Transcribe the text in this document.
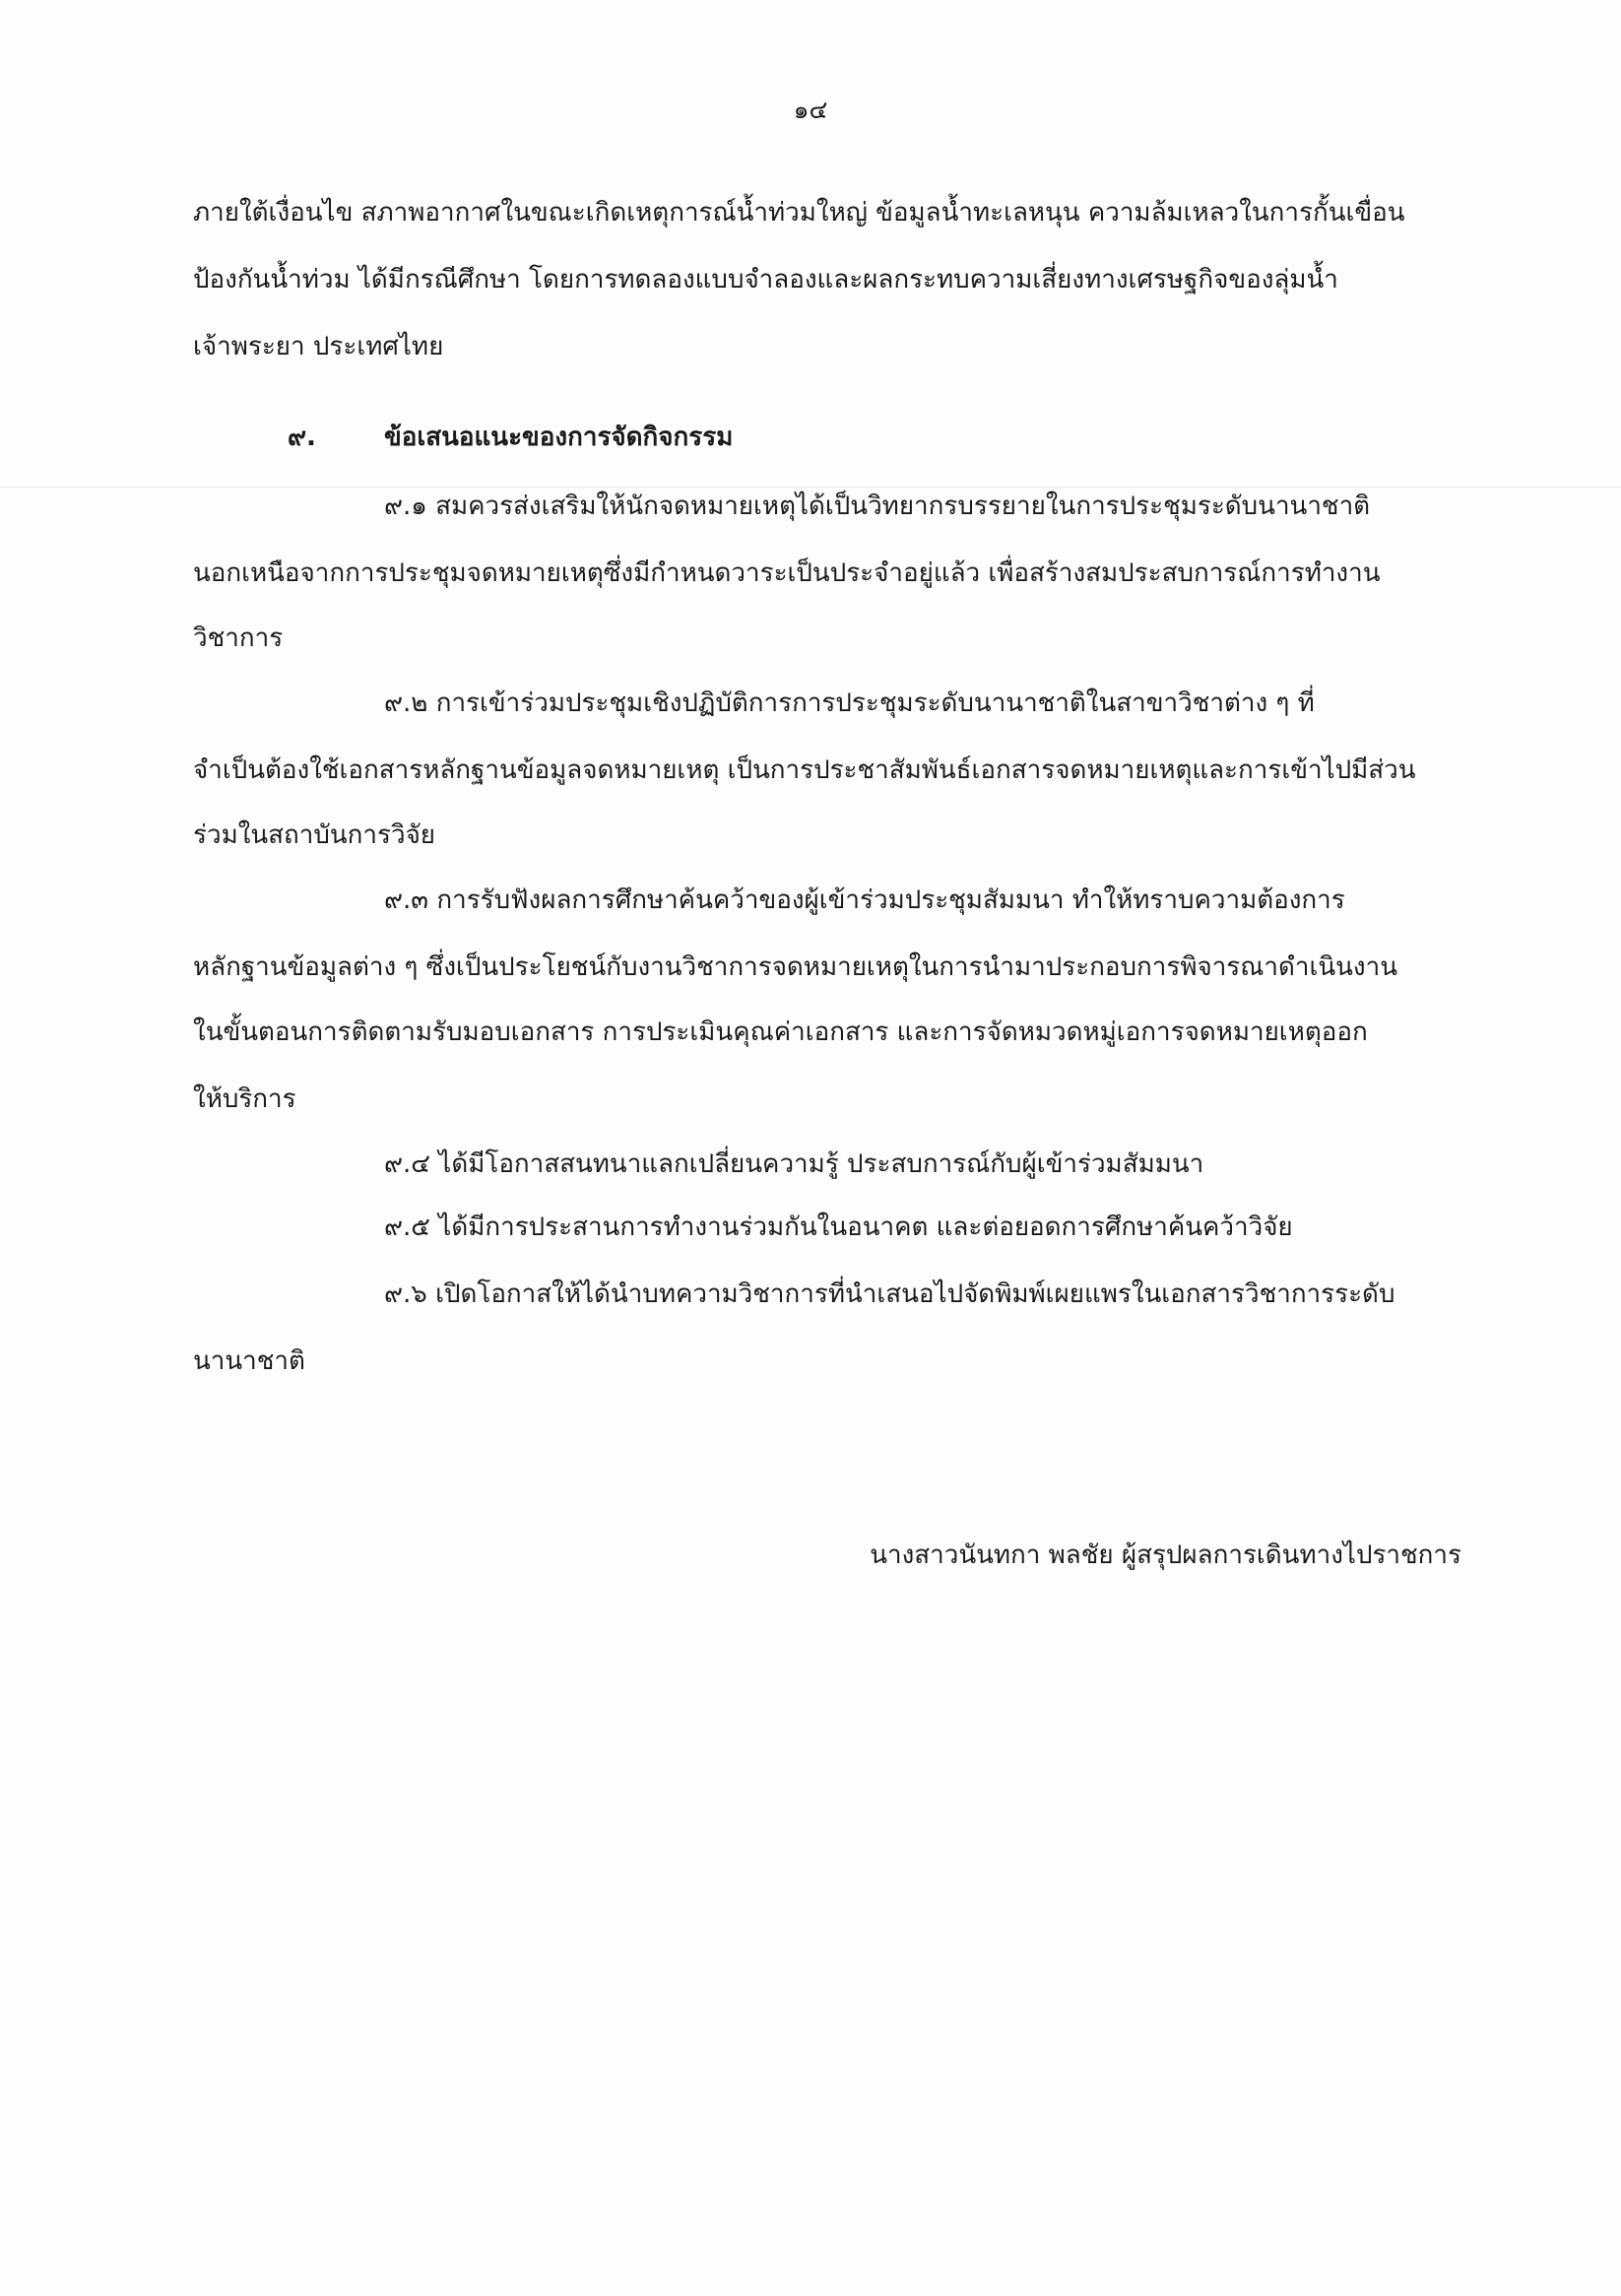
๑๔
ภายใต้เงื่อนไข สภาพอากาศในขณะเกิดเหตุการณ์น้ำท่วมใหญ่ ข้อมูลน้ำทะเลหนุน ความล้มเหลวในการกั้นเขื่อน
ป้องกันน้ำท่วม ได้มีกรณีศึกษา โดยการทดลองแบบจำลองและผลกระทบความเสี่ยงทางเศรษฐกิจของลุ่มน้ำ
เจ้าพระยา ประเทศไทย
๙.	ข้อเสนอแนะของการจัดกิจกรรม
๙.๑ สมควรส่งเสริมให้นักจดหมายเหตุได้เป็นวิทยากรบรรยายในการประชุมระดับนานาชาติ
นอกเหนือจากการประชุมจดหมายเหตุซึ่งมีกำหนดวาระเป็นประจำอยู่แล้ว เพื่อสร้างสมประสบการณ์การทำงาน
วิชาการ
๙.๒ การเข้าร่วมประชุมเชิงปฏิบัติการการประชุมระดับนานาชาติในสาขาวิชาต่าง ๆ ที่
จำเป็นต้องใช้เอกสารหลักฐานข้อมูลจดหมายเหตุ เป็นการประชาสัมพันธ์เอกสารจดหมายเหตุและการเข้าไปมีส่วน
ร่วมในสถาบันการวิจัย
๙.๓ การรับฟังผลการศึกษาค้นคว้าของผู้เข้าร่วมประชุมสัมมนา ทำให้ทราบความต้องการ
หลักฐานข้อมูลต่าง ๆ ซึ่งเป็นประโยชน์กับงานวิชาการจดหมายเหตุในการนำมาประกอบการพิจารณาดำเนินงาน
ในขั้นตอนการติดตามรับมอบเอกสาร การประเมินคุณค่าเอกสาร และการจัดหมวดหมู่เอการจดหมายเหตุออก
ให้บริการ
๙.๔ ได้มีโอกาสสนทนาแลกเปลี่ยนความรู้ ประสบการณ์กับผู้เข้าร่วมสัมมนา
๙.๕ ได้มีการประสานการทำงานร่วมกันในอนาคต และต่อยอดการศึกษาค้นคว้าวิจัย
๙.๖ เปิดโอกาสให้ได้นำบทความวิชาการที่นำเสนอไปจัดพิมพ์เผยแพรในเอกสารวิชาการระดับ
นานาชาติ
นางสาวนันทกา พลชัย ผู้สรุปผลการเดินทางไปราชการ
